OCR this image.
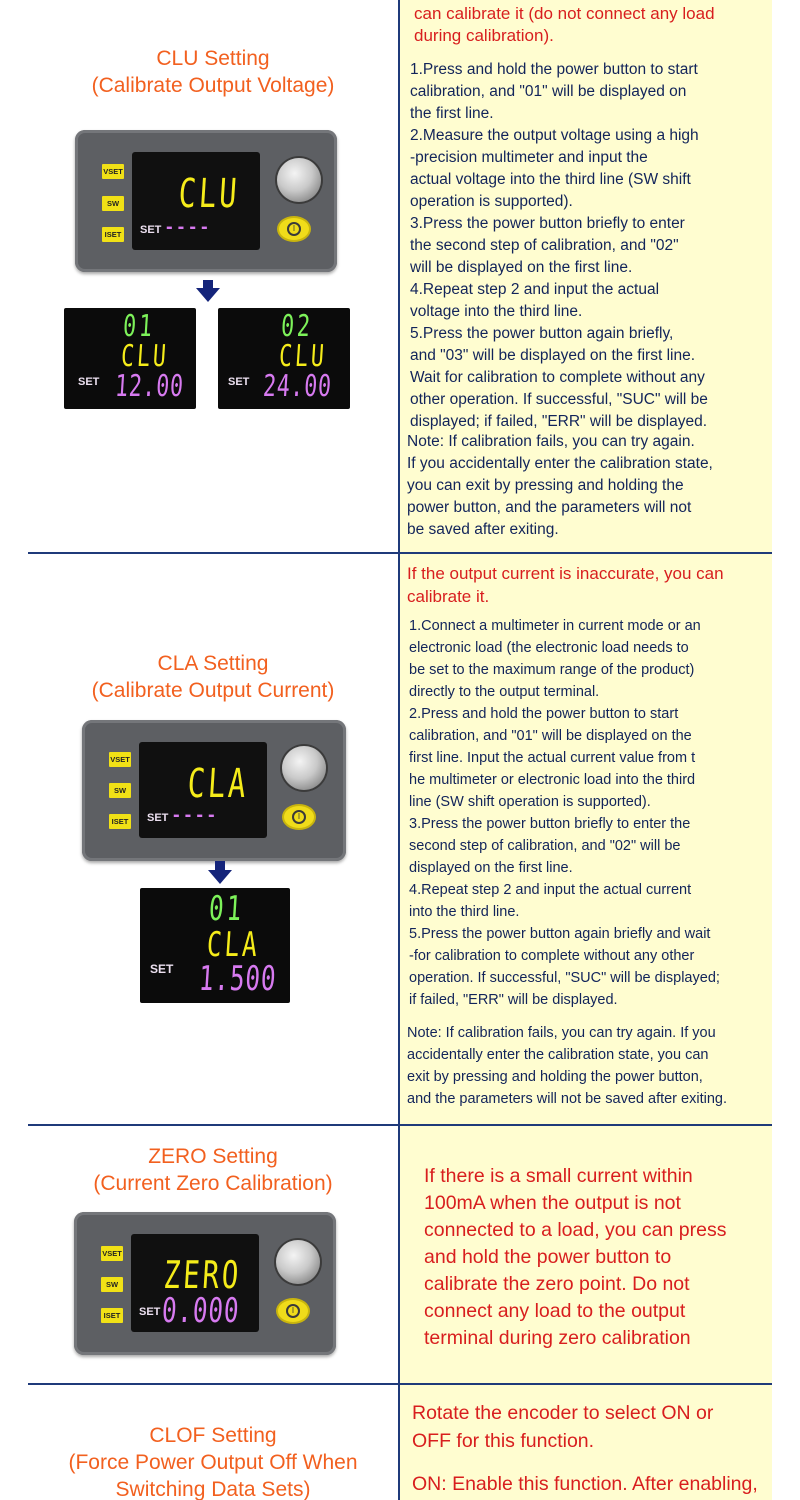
CLU Setting
(Calibrate Output Voltage)
VSET
SW
ISET
CLU
SET ----	I
01
CLU
SET 12.00
02
CLU
SET 24.00

can calibrate it (do not connect any load

during calibration).

1.Press and hold the power button to start

calibration, and "01" will be displayed on

the first line.

2.Measure the output voltage using a high

-precision multimeter and input the

actual voltage into the third line (SW shift

operation is supported).

3.Press the power button briefly to enter

the second step of calibration, and "02"

will be displayed on the first line.

4.Repeat step 2 and input the actual

voltage into the third line.

5.Press the power button again briefly,

and "03" will be displayed on the first line.

Wait for calibration to complete without any

other operation. If successful, "SUC" will be

displayed; if failed, "ERR" will be displayed.

Note: If calibration fails, you can try again.

If you accidentally enter the calibration state,

you can exit by pressing and holding the

power button, and the parameters will not

be saved after exiting.

CLA Setting
(Calibrate Output Current)
VSET
SW
ISET
CLA
SET ----	I
01
CLA
SET 1.500

If the output current is inaccurate, you can

calibrate it.

1.Connect a multimeter in current mode or an

electronic load (the electronic load needs to

be set to the maximum range of the product)

directly to the output terminal.

2.Press and hold the power button to start

calibration, and "01" will be displayed on the

first line. Input the actual current value from t

he multimeter or electronic load into the third

line (SW shift operation is supported).

3.Press the power button briefly to enter the

second step of calibration, and "02" will be

displayed on the first line.

4.Repeat step 2 and input the actual current

into the third line.

5.Press the power button again briefly and wait

-for calibration to complete without any other

operation. If successful, "SUC" will be displayed;

if failed, "ERR" will be displayed.

Note: If calibration fails, you can try again. If you

accidentally enter the calibration state, you can

exit by pressing and holding the power button,

and the parameters will not be saved after exiting.

ZERO Setting
(Current Zero Calibration)
VSET
SW
ISET
ZERO
SET 0.000	I

If there is a small current within

100mA when the output is not

connected to a load, you can press

and hold the power button to

calibrate the zero point. Do not

connect any load to the output

terminal during zero calibration

CLOF Setting
(Force Power Output Off When
Switching Data Sets)

Rotate the encoder to select ON or

OFF for this function.

ON: Enable this function. After enabling,
